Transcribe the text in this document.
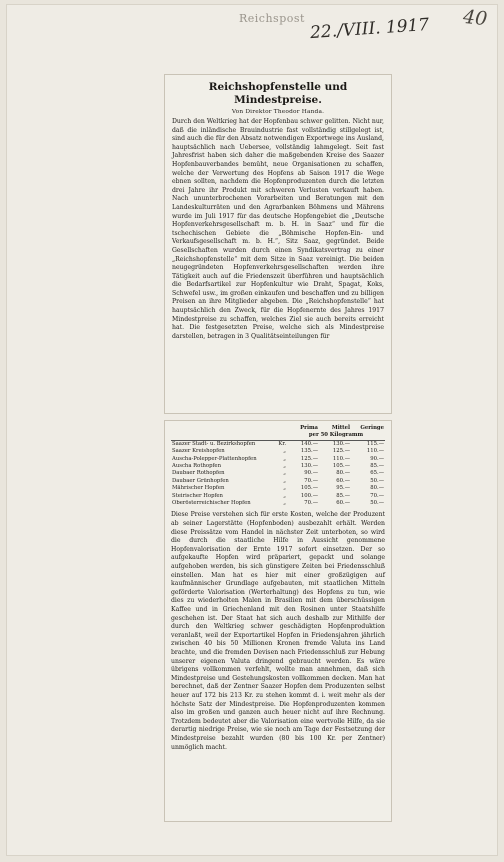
Reichspost 22./VIII. 1917 40
Reichshopfenstelle und Mindestpreise.
Von Direktor Theodor Handa.

Durch den Weltkrieg hat der Hopfenbau schwer gelitten. Nicht nur, daß die inländische Brauindustrie fast vollständig stillgelegt ist, sind auch die für den Absatz notwendigen Exportwege ins Ausland, hauptsächlich nach Uebersee, vollständig lahmgelegt. Seit fast Jahresfrist haben sich daher die maßgebenden Kreise des Saazer Hopfenbauverbandes bemüht, neue Organisationen zu schaffen, welche der Verwertung des Hopfens ab Saison 1917 die Wege ebnen sollten, nachdem die Hopfenproduzenten durch die letzten drei Jahre ihr Produkt mit schweren Verlusten verkauft haben. Nach ununterbrochenen Vorarbeiten und Beratungen mit den Landeskulturräten und den Agrarbanken Böhmens und Mährens wurde im Juli 1917 für das deutsche Hopfengebiet die „Deutsche Hopfenverkehrsgesellschaft m. b. H. in Saaz“ und für die tschechischen Gebiete die „Böhmische Hopfen-Ein- und Verkaufsgesellschaft m. b. H.“, Sitz Saaz, gegründet. Beide Gesellschaften wurden durch einen Syndikatsvertrag zu einer „Reichshopfenstelle“ mit dem Sitze in Saaz vereinigt. Die beiden neugegründeten Hopfenverkehrsgesellschaften werden ihre Tätigkeit auch auf die Friedenszeit überführen und hauptsächlich die Bedarfsartikel zur Hopfenkultur wie Draht, Spagat, Koks, Schwefel usw., im großen einkaufen und beschaffen und zu billigen Preisen an ihre Mitglieder abgeben. Die „Reichshopfenstelle“ hat hauptsächlich den Zweck, für die Hopfenernte des Jahres 1917 Mindestpreise zu schaffen, welches Ziel sie auch bereits erreicht hat. Die festgesetzten Preise, welche sich als Mindestpreise darstellen, betragen in 3 Qualitätseinteilungen für

Prima			Mittel	Geringe
		per 50 Kilogramm		
Saazer Stadt- u. Bezirkshopfen	Kr.	140.—	130.—	115.—
Saazer Kreishopfen	„	135.—	125.—	110.—
Auscha-Polepper-Plattenhopfen	„	125.—	110.—	90.—
Auscha Rothopfen	„	130.—	105.—	85.—
Daubaer Rothopfen	„	90.—	80.—	65.—
Daubaer Grünhopfen	„	70.—	60.—	50.—
Mährischer Hopfen	„	105.—	95.—	80.—
Steirischer Hopfen	„	100.—	85.—	70.—
Oberösterreichischer Hopfen	„	70.—	60.—	50.—

Diese Preise verstehen sich für erste Kosten, welche der Produzent ab seiner Lagerstätte (Hopfenboden) ausbezahlt erhält. Werden diese Preissätze vom Handel in nächster Zeit unterboten, so wird die durch die staatliche Hilfe in Aussicht genommene Hopfenvalorisation der Ernte 1917 sofort einsetzen. Der so aufgekaufte Hopfen wird präpariert, gepackt und solange aufgehoben werden, bis sich günstigere Zeiten bei Friedensschluß einstellen. Man hat es hier mit einer großzügigen auf kaufmännischer Grundlage aufgebauten, mit staatlichen Mitteln geförderte Valorisation (Werterhaltung) des Hopfens zu tun, wie dies zu wiederholten Malen in Brasilien mit dem überschüssigen Kaffee und in Griechenland mit den Rosinen unter Staatshilfe geschehen ist. Der Staat hat sich auch deshalb zur Mithilfe der durch den Weltkrieg schwer geschädigten Hopfenproduktion veranlaßt, weil der Exportartikel Hopfen in Friedensjahren jährlich zwischen 40 bis 50 Millionen Kronen fremde Valuta ins Land brachte, und die fremden Devisen nach Friedensschluß zur Hebung unserer eigenen Valuta dringend gebraucht werden. Es wäre übrigens vollkommen verfehlt, wollte man annehmen, daß sich Mindestpreise und Gestehungskosten vollkommen decken. Man hat berechnet, daß der Zentner Saazer Hopfen dem Produzenten selbst heuer auf 172 bis 213 Kr. zu stehen kommt d. i. weit mehr als der höchste Satz der Mindestpreise. Die Hopfenproduzenten kommen also im großen und ganzen auch heuer nicht auf ihre Rechnung. Trotzdem bedeutet aber die Valorisation eine wertvolle Hilfe, da sie derartig niedrige Preise, wie sie noch am Tage der Festsetzung der Mindestpreise bezahlt wurden (80 bis 100 Kr. per Zentner) unmöglich macht.
